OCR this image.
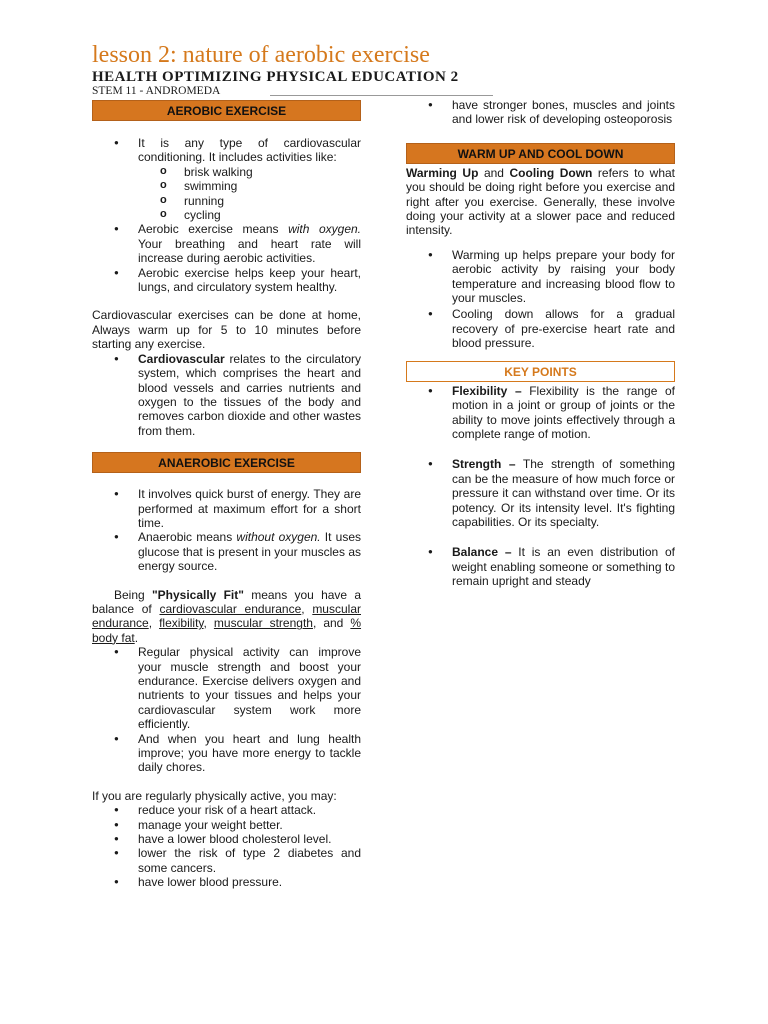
lesson 2: nature of aerobic exercise
HEALTH OPTIMIZING PHYSICAL EDUCATION 2
STEM 11 - ANDROMEDA
AEROBIC EXERCISE
● It is any type of cardiovascular conditioning. It includes activities like:
o brisk walking
o swimming
o running
o cycling
● Aerobic exercise means with oxygen. Your breathing and heart rate will increase during aerobic activities.
● Aerobic exercise helps keep your heart, lungs, and circulatory system healthy.

Cardiovascular exercises can be done at home, Always warm up for 5 to 10 minutes before starting any exercise.

● Cardiovascular relates to the circulatory system, which comprises the heart and blood vessels and carries nutrients and oxygen to the tissues of the body and removes carbon dioxide and other wastes from them.
ANAEROBIC EXERCISE
● It involves quick burst of energy. They are performed at maximum effort for a short time.
● Anaerobic means without oxygen. It uses glucose that is present in your muscles as energy source.

Being "Physically Fit" means you have a balance of cardiovascular endurance, muscular endurance, flexibility, muscular strength, and % body fat.

● Regular physical activity can improve your muscle strength and boost your endurance. Exercise delivers oxygen and nutrients to your tissues and helps your cardiovascular system work more efficiently.
● And when you heart and lung health improve; you have more energy to tackle daily chores.

If you are regularly physically active, you may:

● reduce your risk of a heart attack.
● manage your weight better.
● have a lower blood cholesterol level.
● lower the risk of type 2 diabetes and some cancers.
● have lower blood pressure.
● have stronger bones, muscles and joints and lower risk of developing osteoporosis
WARM UP AND COOL DOWN

Warming Up and Cooling Down refers to what you should be doing right before you exercise and right after you exercise. Generally, these involve doing your activity at a slower pace and reduced intensity.

● Warming up helps prepare your body for aerobic activity by raising your body temperature and increasing blood flow to your muscles.
● Cooling down allows for a gradual recovery of pre-exercise heart rate and blood pressure.
KEY POINTS
● Flexibility – Flexibility is the range of motion in a joint or group of joints or the ability to move joints effectively through a complete range of motion.
● Strength – The strength of something can be the measure of how much force or pressure it can withstand over time. Or its potency. Or its intensity level. It's fighting capabilities. Or its specialty.
● Balance – It is an even distribution of weight enabling someone or something to remain upright and steady
